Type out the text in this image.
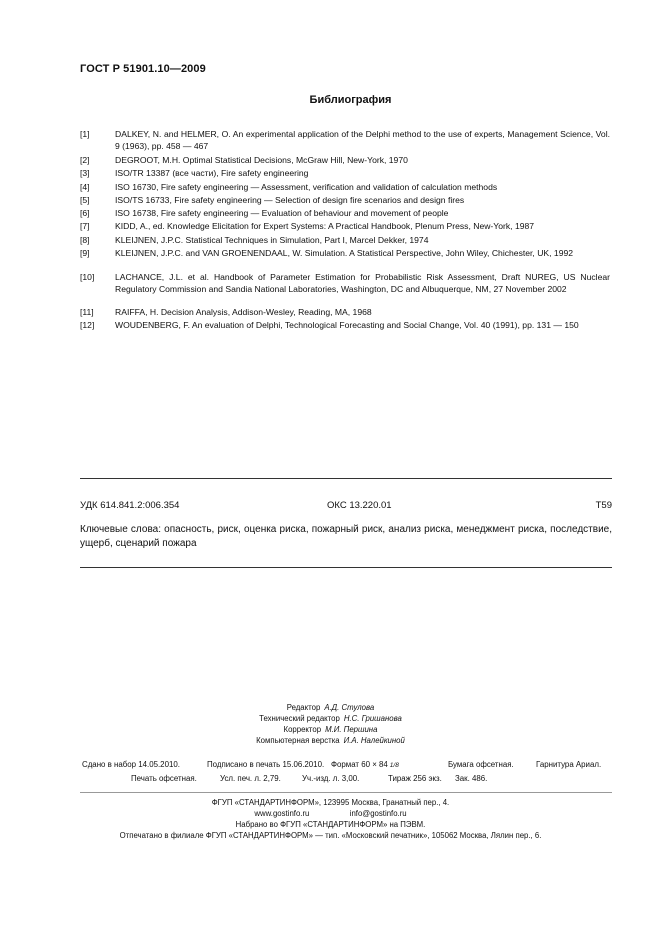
ГОСТ Р 51901.10—2009
Библиография
[1]	DALKEY, N. and HELMER, O. An experimental application of the Delphi method to the use of experts, Management Science, Vol. 9 (1963), pp. 458 — 467
[2]	DEGROOT, M.H. Optimal Statistical Decisions, McGraw Hill, New-York, 1970
[3]	ISO/TR 13387 (все части), Fire safety engineering
[4]	ISO 16730, Fire safety engineering — Assessment, verification and validation of calculation methods
[5]	ISO/TS 16733, Fire safety engineering — Selection of design fire scenarios and design fires
[6]	ISO 16738, Fire safety engineering — Evaluation of behaviour and movement of people
[7]	KIDD, A., ed. Knowledge Elicitation for Expert Systems: A Practical Handbook, Plenum Press, New-York, 1987
[8]	KLEIJNEN, J.P.C. Statistical Techniques in Simulation, Part I, Marcel Dekker, 1974
[9]	KLEIJNEN, J.P.C. and VAN GROENENDAAL, W. Simulation. A Statistical Perspective, John Wiley, Chichester, UK, 1992
[10]	LACHANCE, J.L. et al. Handbook of Parameter Estimation for Probabilistic Risk Assessment, Draft NUREG, US Nuclear Regulatory Commission and Sandia National Laboratories, Washington, DC and Albuquerque, NM, 27 November 2002
[11]	RAIFFA, H. Decision Analysis, Addison-Wesley, Reading, MA, 1968
[12]	WOUDENBERG, F. An evaluation of Delphi, Technological Forecasting and Social Change, Vol. 40 (1991), pp. 131 — 150
УДК 614.841.2:006.354	ОКС 13.220.01	Т59
Ключевые слова: опасность, риск, оценка риска, пожарный риск, анализ риска, менеджмент риска, последствие, ущерб, сценарий пожара
Редактор А.Д. Стулова
Технический редактор Н.С. Гришанова
Корректор М.И. Першина
Компьютерная верстка И.А. Налейкиной
Сдано в набор 14.05.2010.	Подписано в печать 15.06.2010. Формат 60 × 84 1/8	Бумага офсетная.	Гарнитура Ариал.
Печать офсетная.	Усл. печ. л. 2,79.	Уч.-изд. л. 3,00.	Тираж 256 экз. Зак. 486.
ФГУП «СТАНДАРТИНФОРМ», 123995 Москва, Гранатный пер., 4.
www.gostinfo.ru	info@gostinfo.ru
Набрано во ФГУП «СТАНДАРТИНФОРМ» на ПЭВМ.
Отпечатано в филиале ФГУП «СТАНДАРТИНФОРМ» — тип. «Московский печатник», 105062 Москва, Лялин пер., 6.
